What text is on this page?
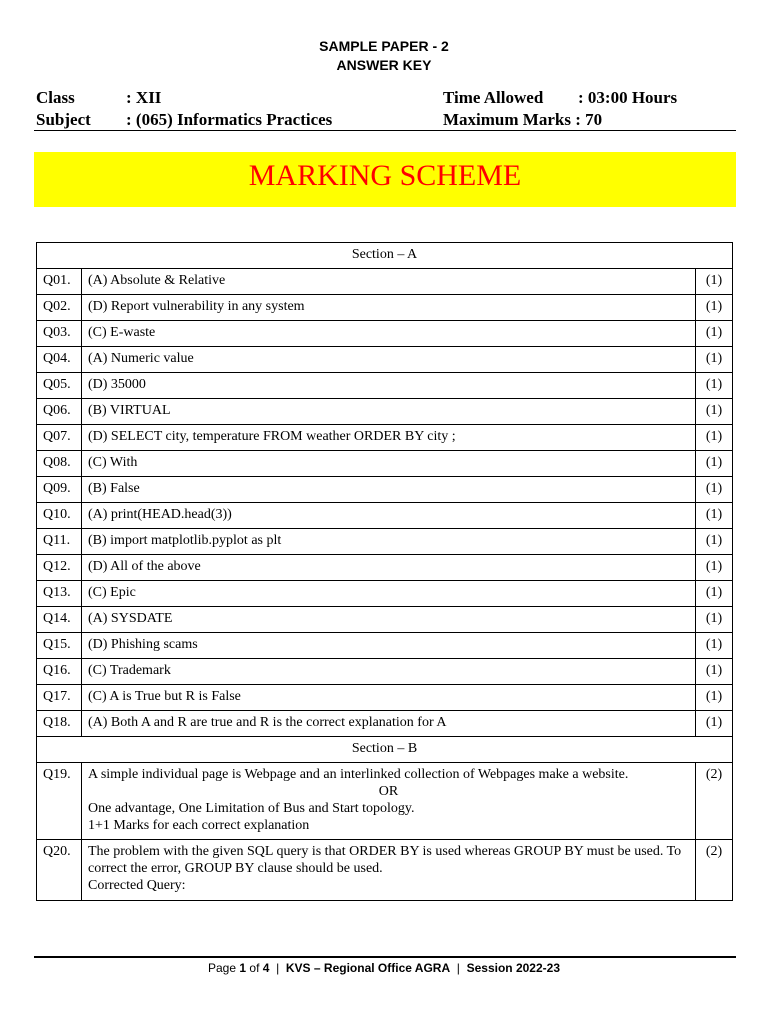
SAMPLE PAPER - 2
ANSWER KEY
Class	: XII
Subject : (065) Informatics Practices
Time Allowed : 03:00 Hours
Maximum Marks : 70
MARKING SCHEME
Section – A		
Q01.	(A) Absolute & Relative	(1)
Q02.	(D) Report vulnerability in any system	(1)
Q03.	(C) E-waste	(1)
Q04.	(A) Numeric value	(1)
Q05.	(D) 35000	(1)
Q06.	(B) VIRTUAL	(1)
Q07.	(D) SELECT city, temperature FROM weather ORDER BY city ;	(1)
Q08.	(C) With	(1)
Q09.	(B) False	(1)
Q10.	(A) print(HEAD.head(3))	(1)
Q11.	(B) import matplotlib.pyplot as plt	(1)
Q12.	(D) All of the above	(1)
Q13.	(C) Epic	(1)
Q14.	(A) SYSDATE	(1)
Q15.	(D) Phishing scams	(1)
Q16.	(C) Trademark	(1)
Q17.	(C) A is True but R is False	(1)
Q18.	(A) Both A and R are true and R is the correct explanation for A	(1)
Section – B		
Q19.	A simple individual page is Webpage and an interlinked collection of Webpages make a website.
OR
One advantage, One Limitation of Bus and Start topology.
1+1 Marks for each correct explanation	(2)
Q20.	The problem with the given SQL query is that ORDER BY is used whereas GROUP BY must be used. To correct the error, GROUP BY clause should be used.
Corrected Query:	(2)
Page 1 of 4  |  KVS – Regional Office AGRA  |  Session 2022-23
